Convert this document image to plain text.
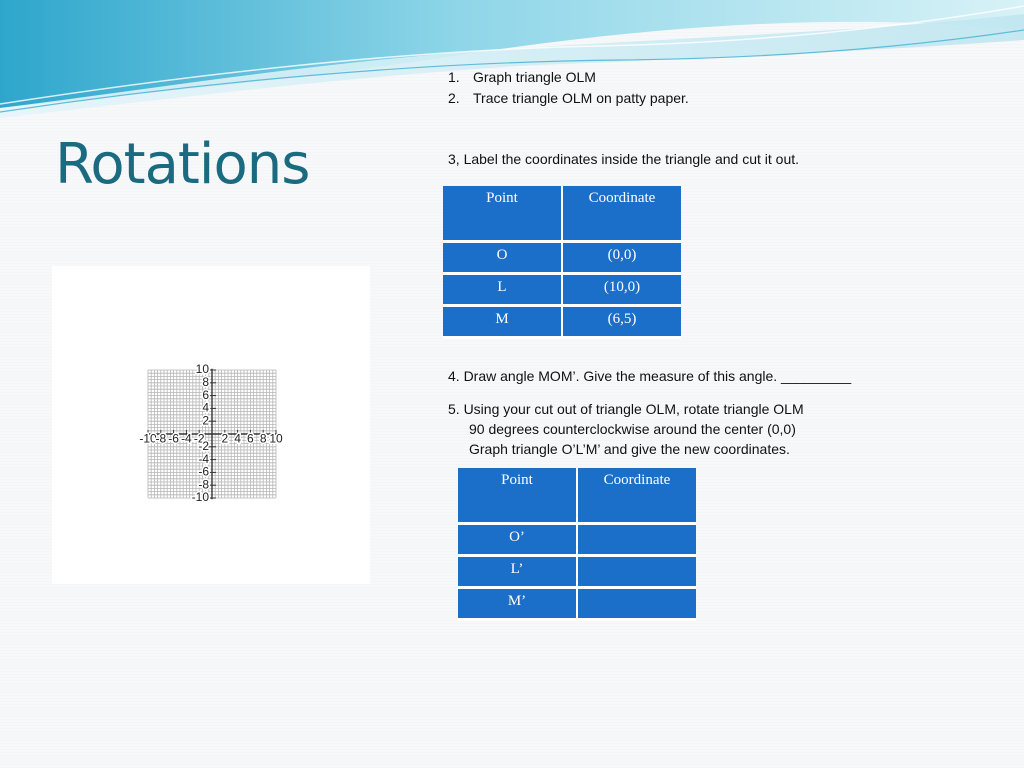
Rotations
1. Graph triangle OLM
2. Trace triangle OLM on patty paper.
3, Label the coordinates inside the triangle and cut it out.
Point	Coordinate
O	(0,0)
L	(10,0)
M	(6,5)
4. Draw angle MOM’. Give the measure of this angle. _________
5. Using your cut out of triangle OLM, rotate triangle OLM
90 degrees counterclockwise around the center (0,0)
Graph triangle O’L’M’ and give the new coordinates.
Point	Coordinate
O’	
L’	
M’	
-10
-8 -6 -4 -2 2 4 6 8 10
10
8
6
4
2
-2
-4
-6
-8
-10
